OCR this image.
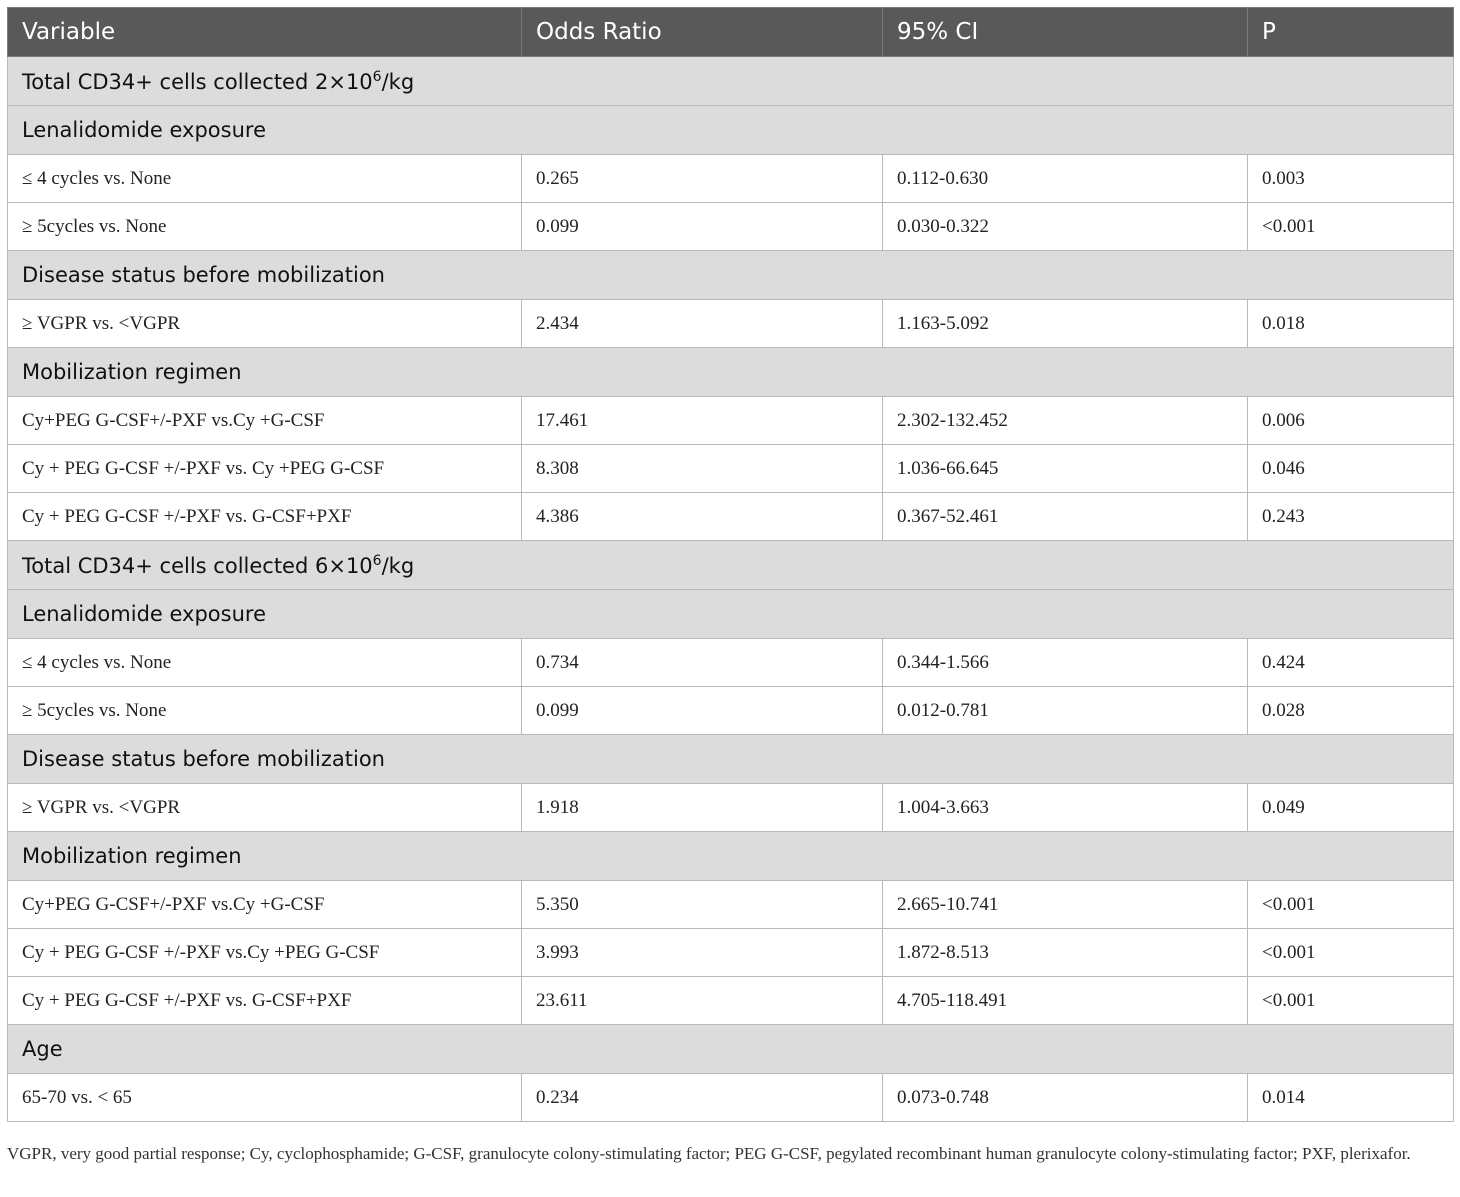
Variable	Odds Ratio	95% CI	P
Total CD34+ cells collected $2\times 10^6/kg$			
Lenalidomide exposure			
≤ 4 cycles vs. None	0.265	0.112-0.630	0.003
≥ 5cycles vs. None	0.099	0.030-0.322	<0.001
Disease status before mobilization			
≥ VGPR vs. <VGPR	2.434	1.163-5.092	0.018
Mobilization regimen			
Cy+PEG G-CSF+/-PXF vs.Cy +G-CSF	17.461	2.302-132.452	0.006
Cy + PEG G-CSF +/-PXF vs. Cy +PEG G-CSF	8.308	1.036-66.645	0.046
Cy + PEG G-CSF +/-PXF vs. G-CSF+PXF	4.386	0.367-52.461	0.243
Total CD34+ cells collected $6\times 10^6/kg$			
Lenalidomide exposure			
≤ 4 cycles vs. None	0.734	0.344-1.566	0.424
≥ 5cycles vs. None	0.099	0.012-0.781	0.028
Disease status before mobilization			
≥ VGPR vs. <VGPR	1.918	1.004-3.663	0.049
Mobilization regimen			
Cy+PEG G-CSF+/-PXF vs.Cy +G-CSF	5.350	2.665-10.741	<0.001
Cy + PEG G-CSF +/-PXF vs.Cy +PEG G-CSF	3.993	1.872-8.513	<0.001
Cy + PEG G-CSF +/-PXF vs. G-CSF+PXF	23.611	4.705-118.491	<0.001
Age			
65-70 vs. < 65	0.234	0.073-0.748	0.014
VGPR, very good partial response; Cy, cyclophosphamide; G-CSF, granulocyte colony-stimulating factor; PEG G-CSF, pegylated recombinant human granulocyte colony-stimulating factor; PXF, plerixafor.
